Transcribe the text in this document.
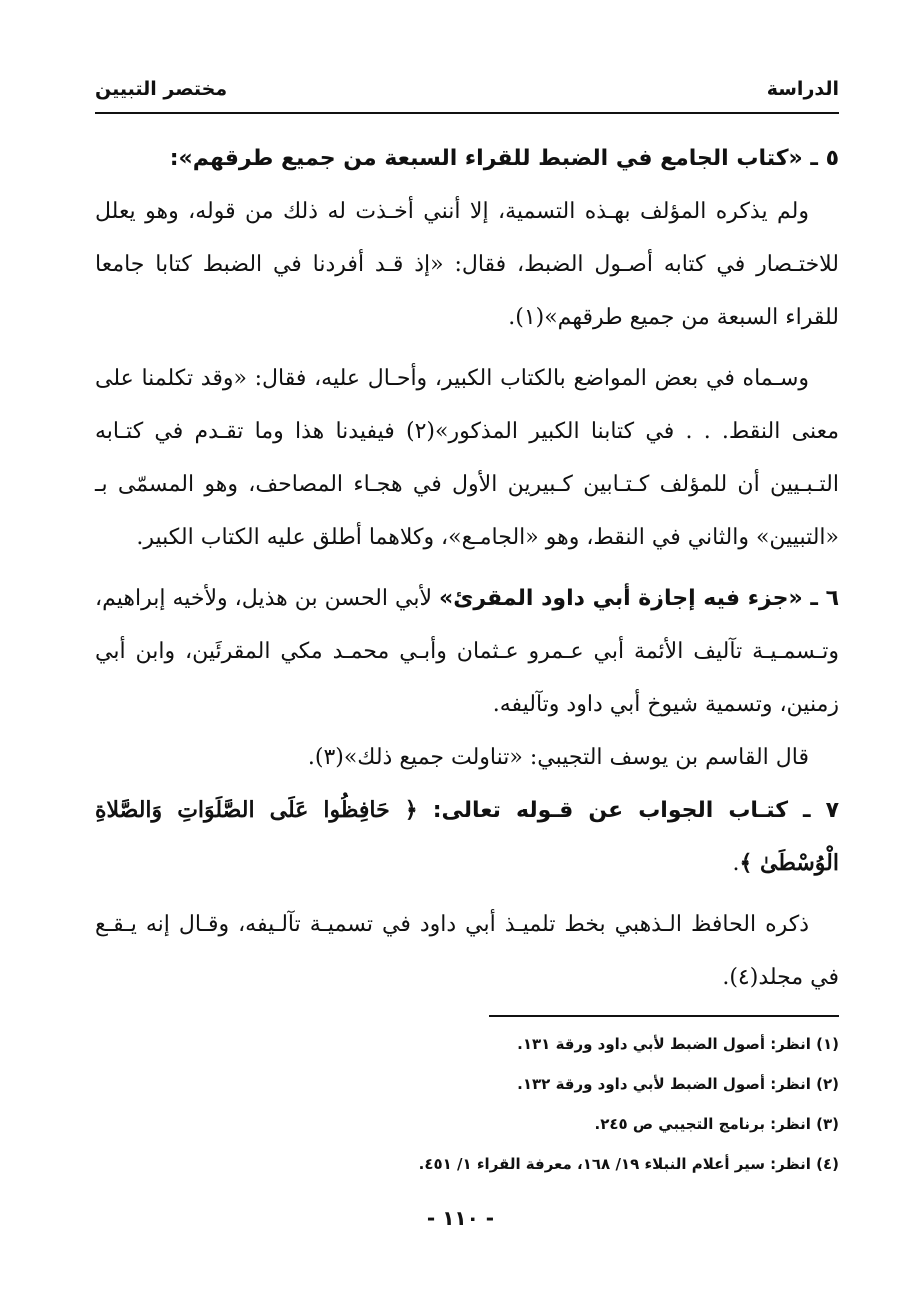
الدراسة
مختصر التبيين

٥ ـ «كتاب الجامع في الضبط للقراء السبعة من جميع طرقهم»:

ولم يذكره المؤلف بهـذه التسمية، إلا أنني أخـذت له ذلك من قوله، وهو يعلل للاختـصار في كتابه أصـول الضبط، فقال: «إذ قـد أفردنا في الضبط كتابا جامعا للقراء السبعة من جميع طرقهم»(١).

وسـماه في بعض المواضع بالكتاب الكبير، وأحـال عليه، فقال: «وقد تكلمنا على معنى النقط. . . في كتابنا الكبير المذكور»(٢) فيفيدنا هذا وما تقـدم في كتـابه التـبـيين أن للمؤلف كـتـابين كـبيرين الأول في هجـاء المصاحف، وهو المسمّى بـ «التبيين» والثاني في النقط، وهو «الجامـع»، وكلاهما أطلق عليه الكتاب الكبير.

٦ ـ «جزء فيه إجازة أبي داود المقرئ» لأبي الحسن بن هذيل، ولأخيه إبراهيم، وتـسمـيـة تآليف الأئمة أبي عـمرو عـثمان وأبـي محمـد مكي المقرئَين، وابن أبي زمنين، وتسمية شيوخ أبي داود وتآليفه.

قال القاسم بن يوسف التجيبي: «تناولت جميع ذلك»(٣).

٧ ـ كتـاب الجواب عن قـوله تعالى: ﴿ حَافِظُوا عَلَى الصَّلَوَاتِ وَالصَّلاةِ الْوُسْطَىٰ ﴾.

ذكره الحافظ الـذهبي بخط تلميـذ أبي داود في تسميـة تآلـيفه، وقـال إنه يـقـع في مجلد(٤).

(١) انظر: أصول الضبط لأبي داود ورقة ١٣١.
(٢) انظر: أصول الضبط لأبي داود ورقة ١٣٢.
(٣) انظر: برنامج التجيبي ص ٢٤٥.
(٤) انظر: سير أعلام النبلاء ١٩/ ١٦٨، معرفة القراء ١/ ٤٥١.
- ١١٠ -
